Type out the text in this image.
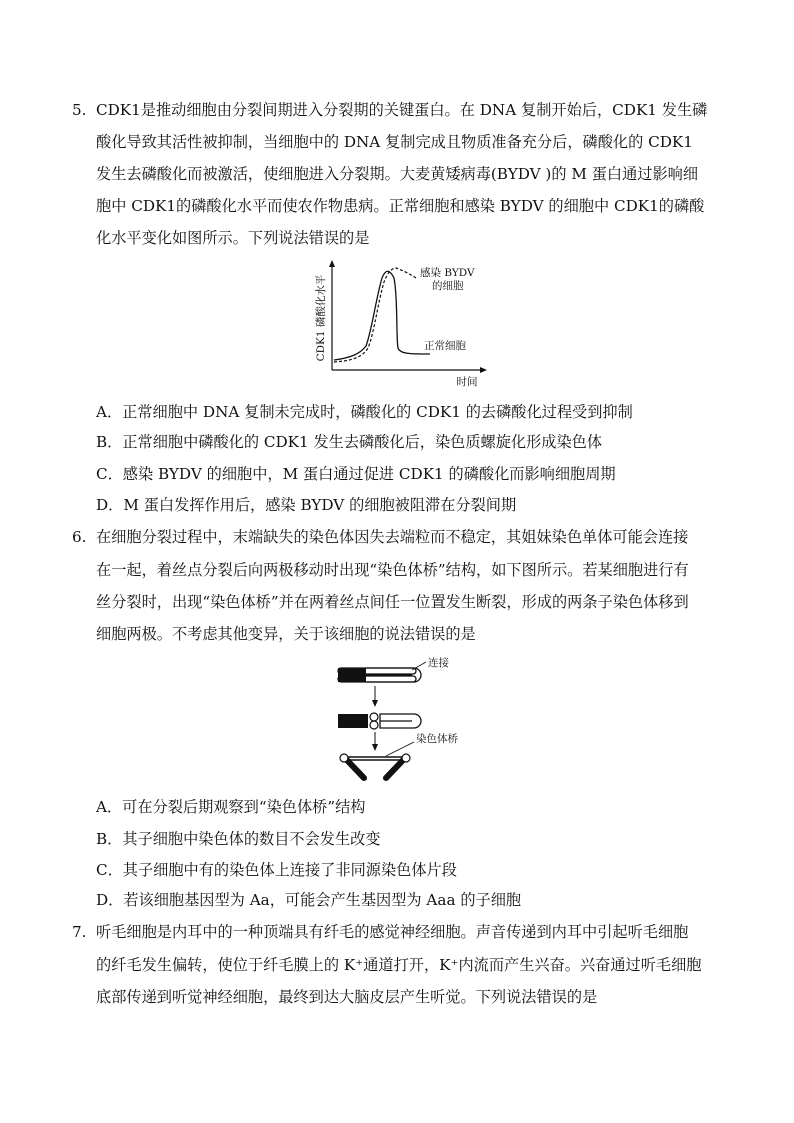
5. CDK1是推动细胞由分裂间期进入分裂期的关键蛋白。在 DNA 复制开始后，CDK1 发生磷
酸化导致其活性被抑制，当细胞中的 DNA 复制完成且物质准备充分后，磷酸化的 CDK1
发生去磷酸化而被激活，使细胞进入分裂期。大麦黄矮病毒(BYDV )的 M 蛋白通过影响细
胞中 CDK1的磷酸化水平而使农作物患病。正常细胞和感染 BYDV 的细胞中 CDK1的磷酸
化水平变化如图所示。下列说法错误的是
CDK1 磷酸化水平
时间
感染 BYDV
的细胞
正常细胞
A．正常细胞中 DNA 复制未完成时，磷酸化的 CDK1 的去磷酸化过程受到抑制
B．正常细胞中磷酸化的 CDK1 发生去磷酸化后，染色质螺旋化形成染色体
C．感染 BYDV 的细胞中，M 蛋白通过促进 CDK1 的磷酸化而影响细胞周期
D．M 蛋白发挥作用后，感染 BYDV 的细胞被阻滞在分裂间期
6. 在细胞分裂过程中，末端缺失的染色体因失去端粒而不稳定，其姐妹染色单体可能会连接
在一起，着丝点分裂后向两极移动时出现“染色体桥”结构，如下图所示。若某细胞进行有
丝分裂时，出现“染色体桥”并在两着丝点间任一位置发生断裂，形成的两条子染色体移到
细胞两极。不考虑其他变异，关于该细胞的说法错误的是
连接
染色体桥
A．可在分裂后期观察到“染色体桥”结构
B．其子细胞中染色体的数目不会发生改变
C．其子细胞中有的染色体上连接了非同源染色体片段
D．若该细胞基因型为 Aa，可能会产生基因型为 Aaa 的子细胞
7. 听毛细胞是内耳中的一种顶端具有纤毛的感觉神经细胞。声音传递到内耳中引起听毛细胞
的纤毛发生偏转，使位于纤毛膜上的 K⁺通道打开，K⁺内流而产生兴奋。兴奋通过听毛细胞
底部传递到听觉神经细胞，最终到达大脑皮层产生听觉。下列说法错误的是
